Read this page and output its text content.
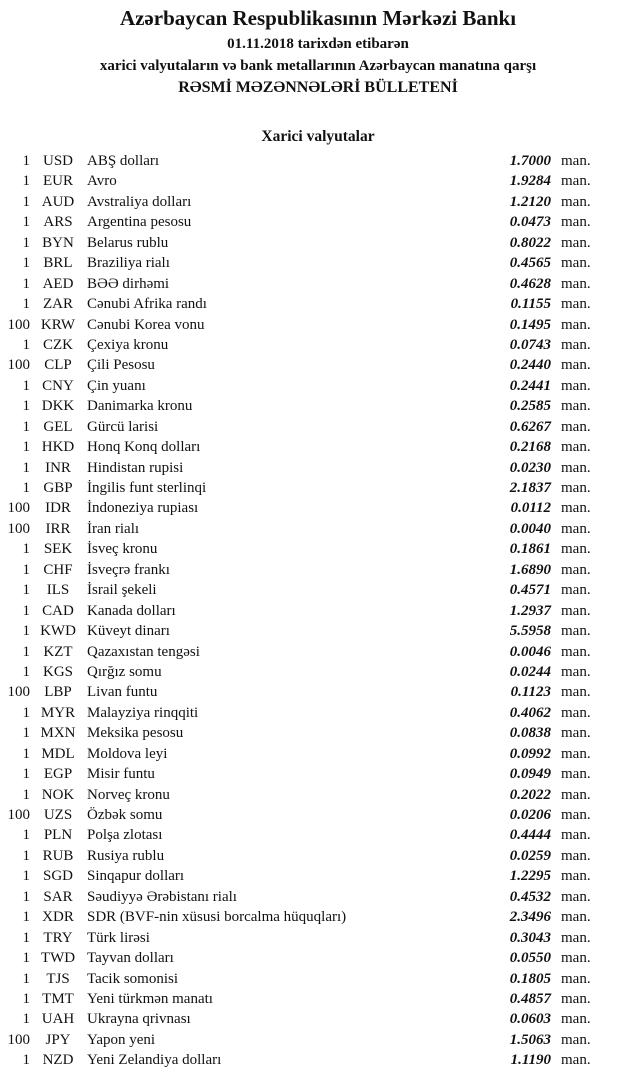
Azərbaycan Respublikasının Mərkəzi Bankı
01.11.2018 tarixdən etibarən
xarici valyutaların və bank metallarının Azərbaycan manatına qarşı
RƏSMİ MƏZƏNNƏLƏRİ BÜLLETENİ
Xarici valyutalar
1 USD ABŞ dolları	1.7000 man.
1 EUR Avro	1.9284 man.
1 AUD Avstraliya dolları	1.2120 man.
1 ARS Argentina pesosu	0.0473 man.
1 BYN Belarus rublu	0.8022 man.
1 BRL Braziliya rialı	0.4565 man.
1 AED BƏƏ dirhəmi	0.4628 man.
1 ZAR Cənubi Afrika randı	0.1155 man.
100 KRW Cənubi Korea vonu	0.1495 man.
1 CZK Çexiya kronu	0.0743 man.
100 CLP	Çili Pesosu	0.2440 man.
1 CNY Çin yuanı	0.2441 man.
1 DKK Danimarka kronu	0.2585 man.
1 GEL Gürcü larisi	0.6267 man.
1 HKD Honq Konq dolları	0.2168 man.
1	INR	Hindistan rupisi	0.0230 man.
1 GBP İngilis funt sterlinqi	2.1837 man.
100	IDR	İndoneziya rupiası	0.0112 man.
100	IRR	İran rialı	0.0040 man.
1 SEK İsveç kronu	0.1861 man.
1 CHF İsveçrə frankı	1.6890 man.
1	ILS	İsrail şekeli	0.4571 man.
1 CAD Kanada dolları	1.2937 man.
1 KWD Küveyt dinarı	5.5958 man.
1 KZT Qazaxıstan tengəsi	0.0046 man.
1 KGS Qırğız somu	0.0244 man.
100 LBP	Livan funtu	0.1123 man.
1 MYR Malayziya rinqqiti	0.4062 man.
1 MXN Meksika pesosu	0.0838 man.
1 MDL Moldova leyi	0.0992 man.
1 EGP Misir funtu	0.0949 man.
1 NOK Norveç kronu	0.2022 man.
100 UZS Özbək somu	0.0206 man.
1 PLN Polşa zlotası	0.4444 man.
1 RUB Rusiya rublu	0.0259 man.
1 SGD Sinqapur dolları	1.2295 man.
1 SAR Səudiyyə Ərəbistanı rialı	0.4532 man.
1 XDR SDR (BVF-nin xüsusi borcalma hüquqları)	2.3496 man.
1 TRY Türk lirəsi	0.3043 man.
1 TWD Tayvan dolları	0.0550 man.
1	TJS	Tacik somonisi	0.1805 man.
1 TMT Yeni türkmən manatı	0.4857 man.
1 UAH Ukrayna qrivnası	0.0603 man.
100	JPY	Yapon yeni	1.5063 man.
1 NZD Yeni Zelandiya dolları	1.1190 man.
